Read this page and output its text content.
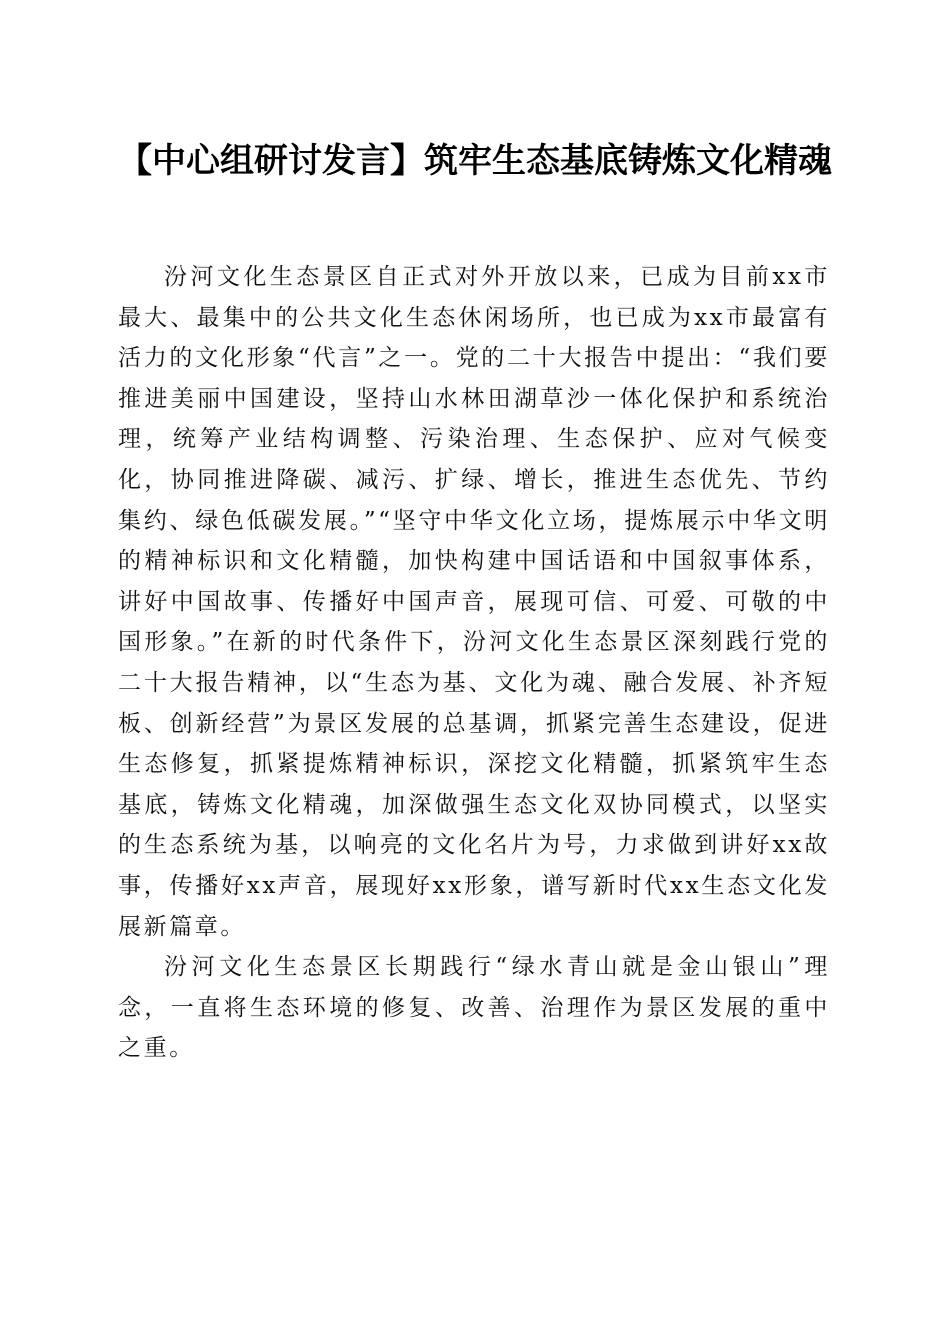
【中心组研讨发言】筑牢生态基底铸炼文化精魂

汾河文化生态景区自正式对外开放以来，已成为目前xx市最大、最集中的公共文化生态休闲场所，也已成为xx市最富有活力的文化形象“代言”之一。党的二十大报告中提出：“我们要推进美丽中国建设，坚持山水林田湖草沙一体化保护和系统治理，统筹产业结构调整、污染治理、生态保护、应对气候变化，协同推进降碳、减污、扩绿、增长，推进生态优先、节约集约、绿色低碳发展。”“坚守中华文化立场，提炼展示中华文明的精神标识和文化精髓，加快构建中国话语和中国叙事体系，讲好中国故事、传播好中国声音，展现可信、可爱、可敬的中国形象。”在新的时代条件下，汾河文化生态景区深刻践行党的二十大报告精神，以“生态为基、文化为魂、融合发展、补齐短板、创新经营”为景区发展的总基调，抓紧完善生态建设，促进生态修复，抓紧提炼精神标识，深挖文化精髓，抓紧筑牢生态基底，铸炼文化精魂，加深做强生态文化双协同模式，以坚实的生态系统为基，以响亮的文化名片为号，力求做到讲好xx故事，传播好xx声音，展现好xx形象，谱写新时代xx生态文化发展新篇章。

汾河文化生态景区长期践行“绿水青山就是金山银山”理念，一直将生态环境的修复、改善、治理作为景区发展的重中之重。
